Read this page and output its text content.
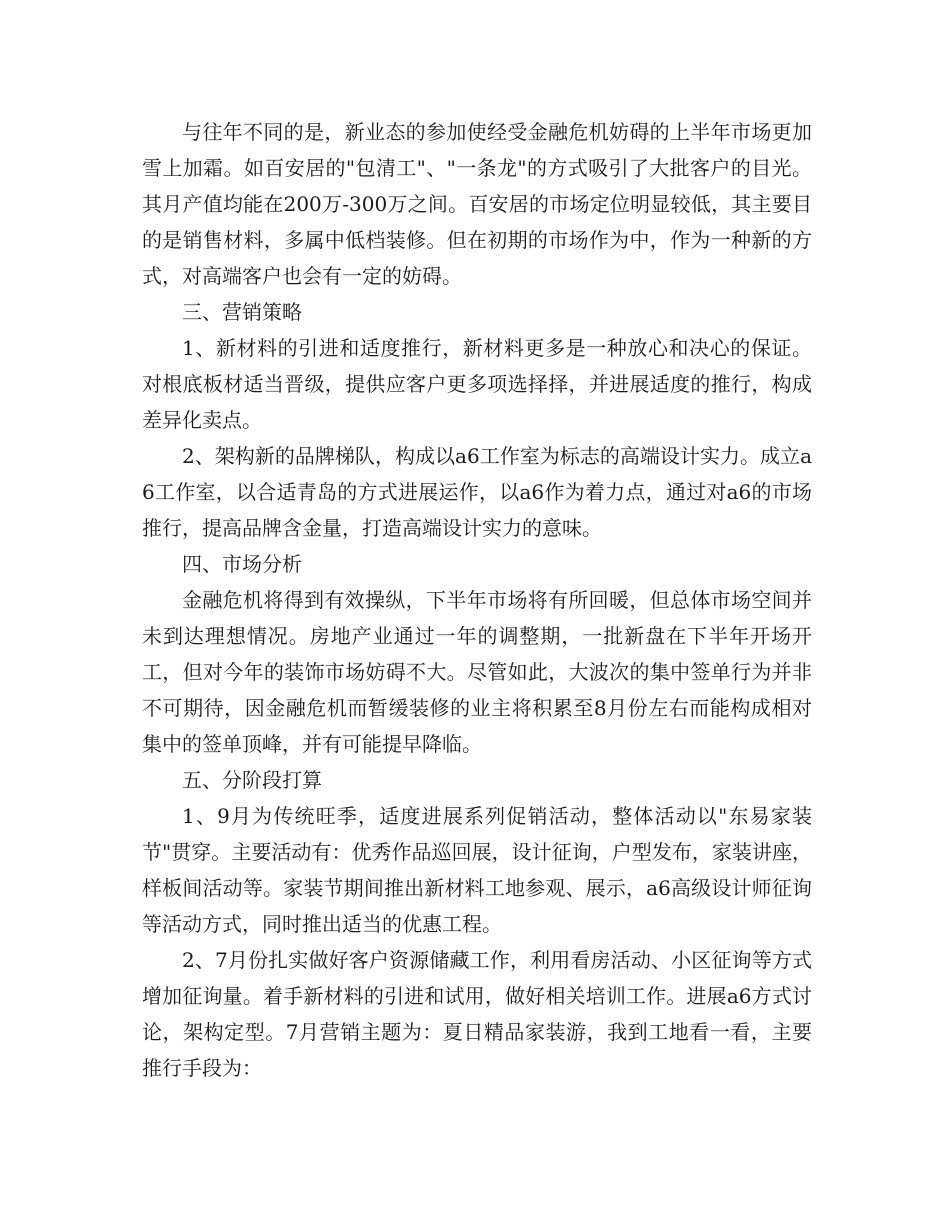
与往年不同的是，新业态的参加使经受金融危机妨碍的上半年市场更加雪上加霜。如百安居的"包清工"、"一条龙"的方式吸引了大批客户的目光。其月产值均能在200万-300万之间。百安居的市场定位明显较低，其主要目的是销售材料，多属中低档装修。但在初期的市场作为中，作为一种新的方式，对高端客户也会有一定的妨碍。

三、营销策略

1、新材料的引进和适度推行，新材料更多是一种放心和决心的保证。对根底板材适当晋级，提供应客户更多项选择择，并进展适度的推行，构成差异化卖点。

2、架构新的品牌梯队，构成以a6工作室为标志的高端设计实力。成立a6工作室，以合适青岛的方式进展运作，以a6作为着力点，通过对a6的市场推行，提高品牌含金量，打造高端设计实力的意味。

四、市场分析

金融危机将得到有效操纵，下半年市场将有所回暖，但总体市场空间并未到达理想情况。房地产业通过一年的调整期，一批新盘在下半年开场开工，但对今年的装饰市场妨碍不大。尽管如此，大波次的集中签单行为并非不可期待，因金融危机而暂缓装修的业主将积累至8月份左右而能构成相对集中的签单顶峰，并有可能提早降临。

五、分阶段打算

1、9月为传统旺季，适度进展系列促销活动，整体活动以"东易家装节"贯穿。主要活动有：优秀作品巡回展，设计征询，户型发布，家装讲座，样板间活动等。家装节期间推出新材料工地参观、展示，a6高级设计师征询等活动方式，同时推出适当的优惠工程。

2、7月份扎实做好客户资源储藏工作，利用看房活动、小区征询等方式增加征询量。着手新材料的引进和试用，做好相关培训工作。进展a6方式讨论，架构定型。7月营销主题为：夏日精品家装游，我到工地看一看，主要推行手段为：
